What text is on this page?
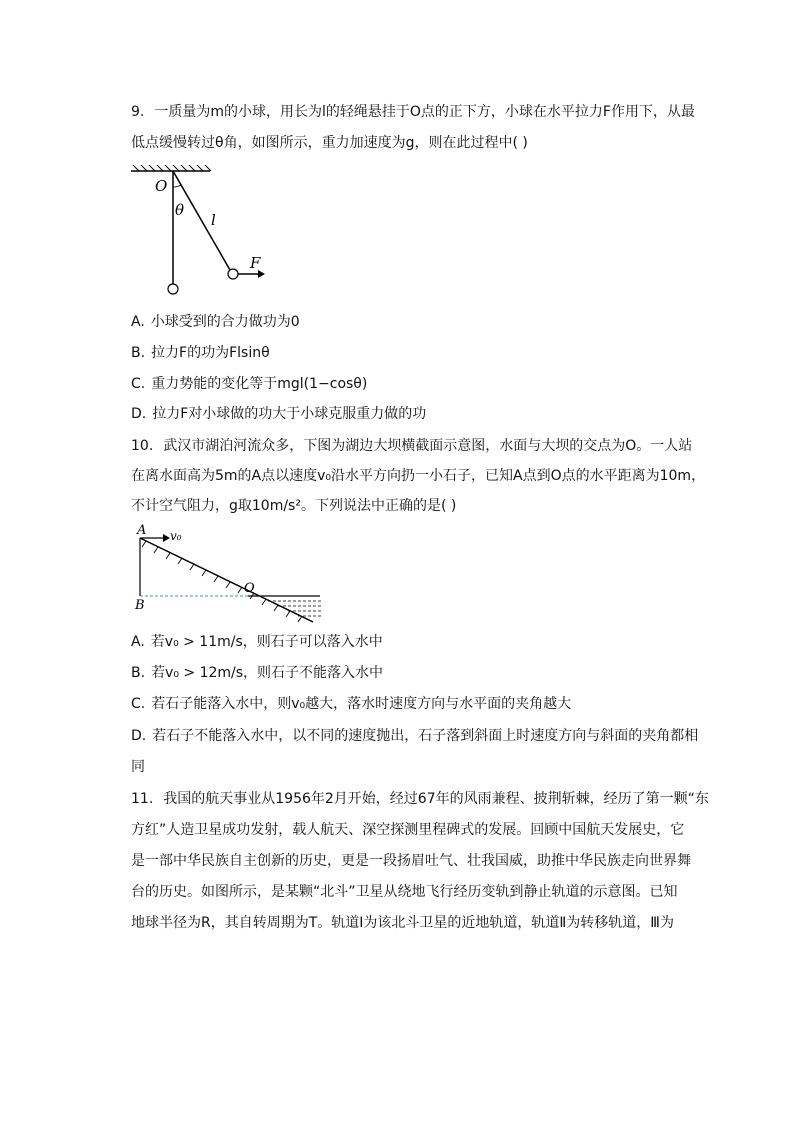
9. 一质量为m的小球，用长为l的轻绳悬挂于O点的正下方，小球在水平拉力F作用下，从最
低点缓慢转过θ角，如图所示，重力加速度为g，则在此过程中( )
O
θ
l
F
A. 小球受到的合力做功为0
B. 拉力F的功为Flsinθ
C. 重力势能的变化等于mgl(1−cosθ)
D. 拉力F对小球做的功大于小球克服重力做的功
10. 武汉市湖泊河流众多，下图为湖边大坝横截面示意图，水面与大坝的交点为O。一人站
在离水面高为5m的A点以速度v₀沿水平方向扔一小石子，已知A点到O点的水平距离为10m，
不计空气阻力，g取10m/s²。下列说法中正确的是( )
A v₀
O
B
A. 若v₀ > 11m/s，则石子可以落入水中
B. 若v₀ > 12m/s，则石子不能落入水中
C. 若石子能落入水中，则v₀越大，落水时速度方向与水平面的夹角越大
D. 若石子不能落入水中，以不同的速度抛出，石子落到斜面上时速度方向与斜面的夹角都相
同
11. 我国的航天事业从1956年2月开始，经过67年的风雨兼程、披荆斩棘，经历了第一颗“东
方红”人造卫星成功发射，载人航天、深空探测里程碑式的发展。回顾中国航天发展史，它
是一部中华民族自主创新的历史，更是一段扬眉吐气、壮我国威，助推中华民族走向世界舞
台的历史。如图所示，是某颗“北斗”卫星从绕地飞行经历变轨到静止轨道的示意图。已知
地球半径为R，其自转周期为T。轨道Ⅰ为该北斗卫星的近地轨道，轨道Ⅱ为转移轨道，Ⅲ为
